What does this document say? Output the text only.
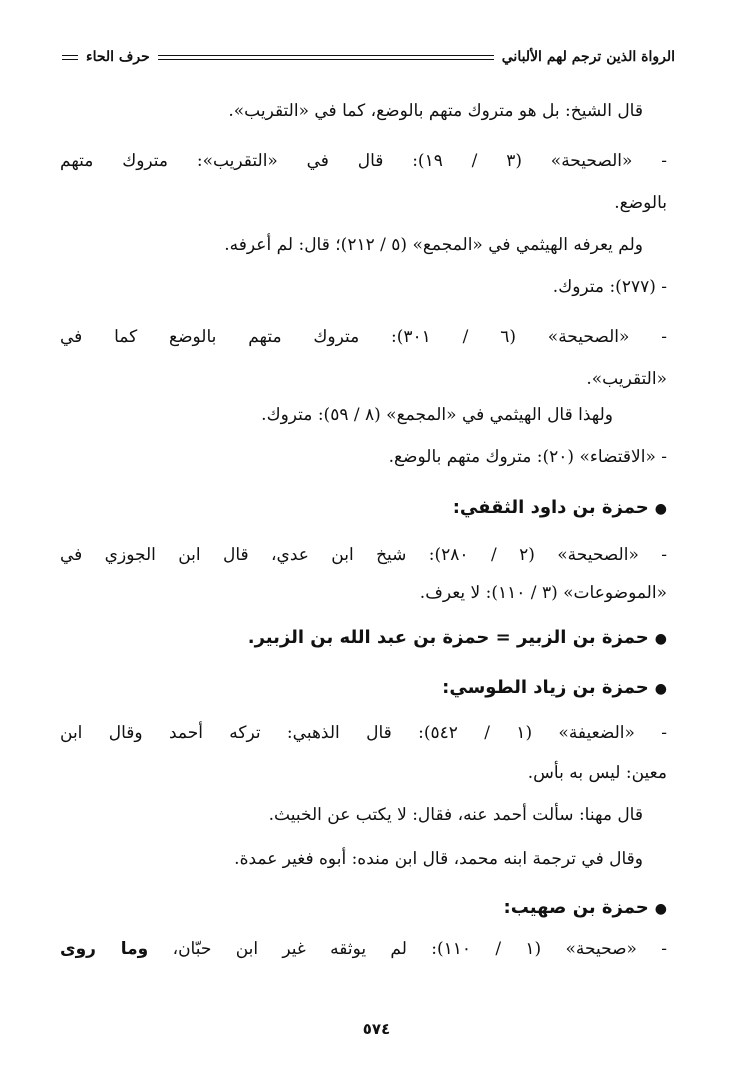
الرواة الذين ترجم لهم الألباني
حرف الحاء
قال الشيخ: بل هو متروك متهم بالوضع، كما في «التقريب».
- «الصحيحة» (٣ / ١٩): قال في «التقريب»: متروك متهم
بالوضع.
ولم يعرفه الهيثمي في «المجمع» (٥ / ٢١٢)؛ قال: لم أعرفه.
- (٢٧٧): متروك.
- «الصحيحة» (٦ / ٣٠١): متروك متهم بالوضع كما في
«التقريب».
ولهذا قال الهيثمي في «المجمع» (٨ / ٥٩): متروك.
- «الاقتضاء» (٢٠): متروك متهم بالوضع.
●حمزة بن داود الثقفي:
- «الصحيحة» (٢ / ٢٨٠): شيخ ابن عدي، قال ابن الجوزي في
«الموضوعات» (٣ / ١١٠): لا يعرف.
●حمزة بن الزبير = حمزة بن عبد الله بن الزبير.
●حمزة بن زياد الطوسي:
- «الضعيفة» (١ / ٥٤٢): قال الذهبي: تركه أحمد وقال ابن
معين: ليس به بأس.
قال مهنا: سألت أحمد عنه، فقال: لا يكتب عن الخبيث.
وقال في ترجمة ابنه محمد، قال ابن منده: أبوه فغير عمدة.
●حمزة بن صهيب:
- «صحيحة» (١ / ١١٠): لم يوثقه غير ابن حبّان، وما روى
٥٧٤
